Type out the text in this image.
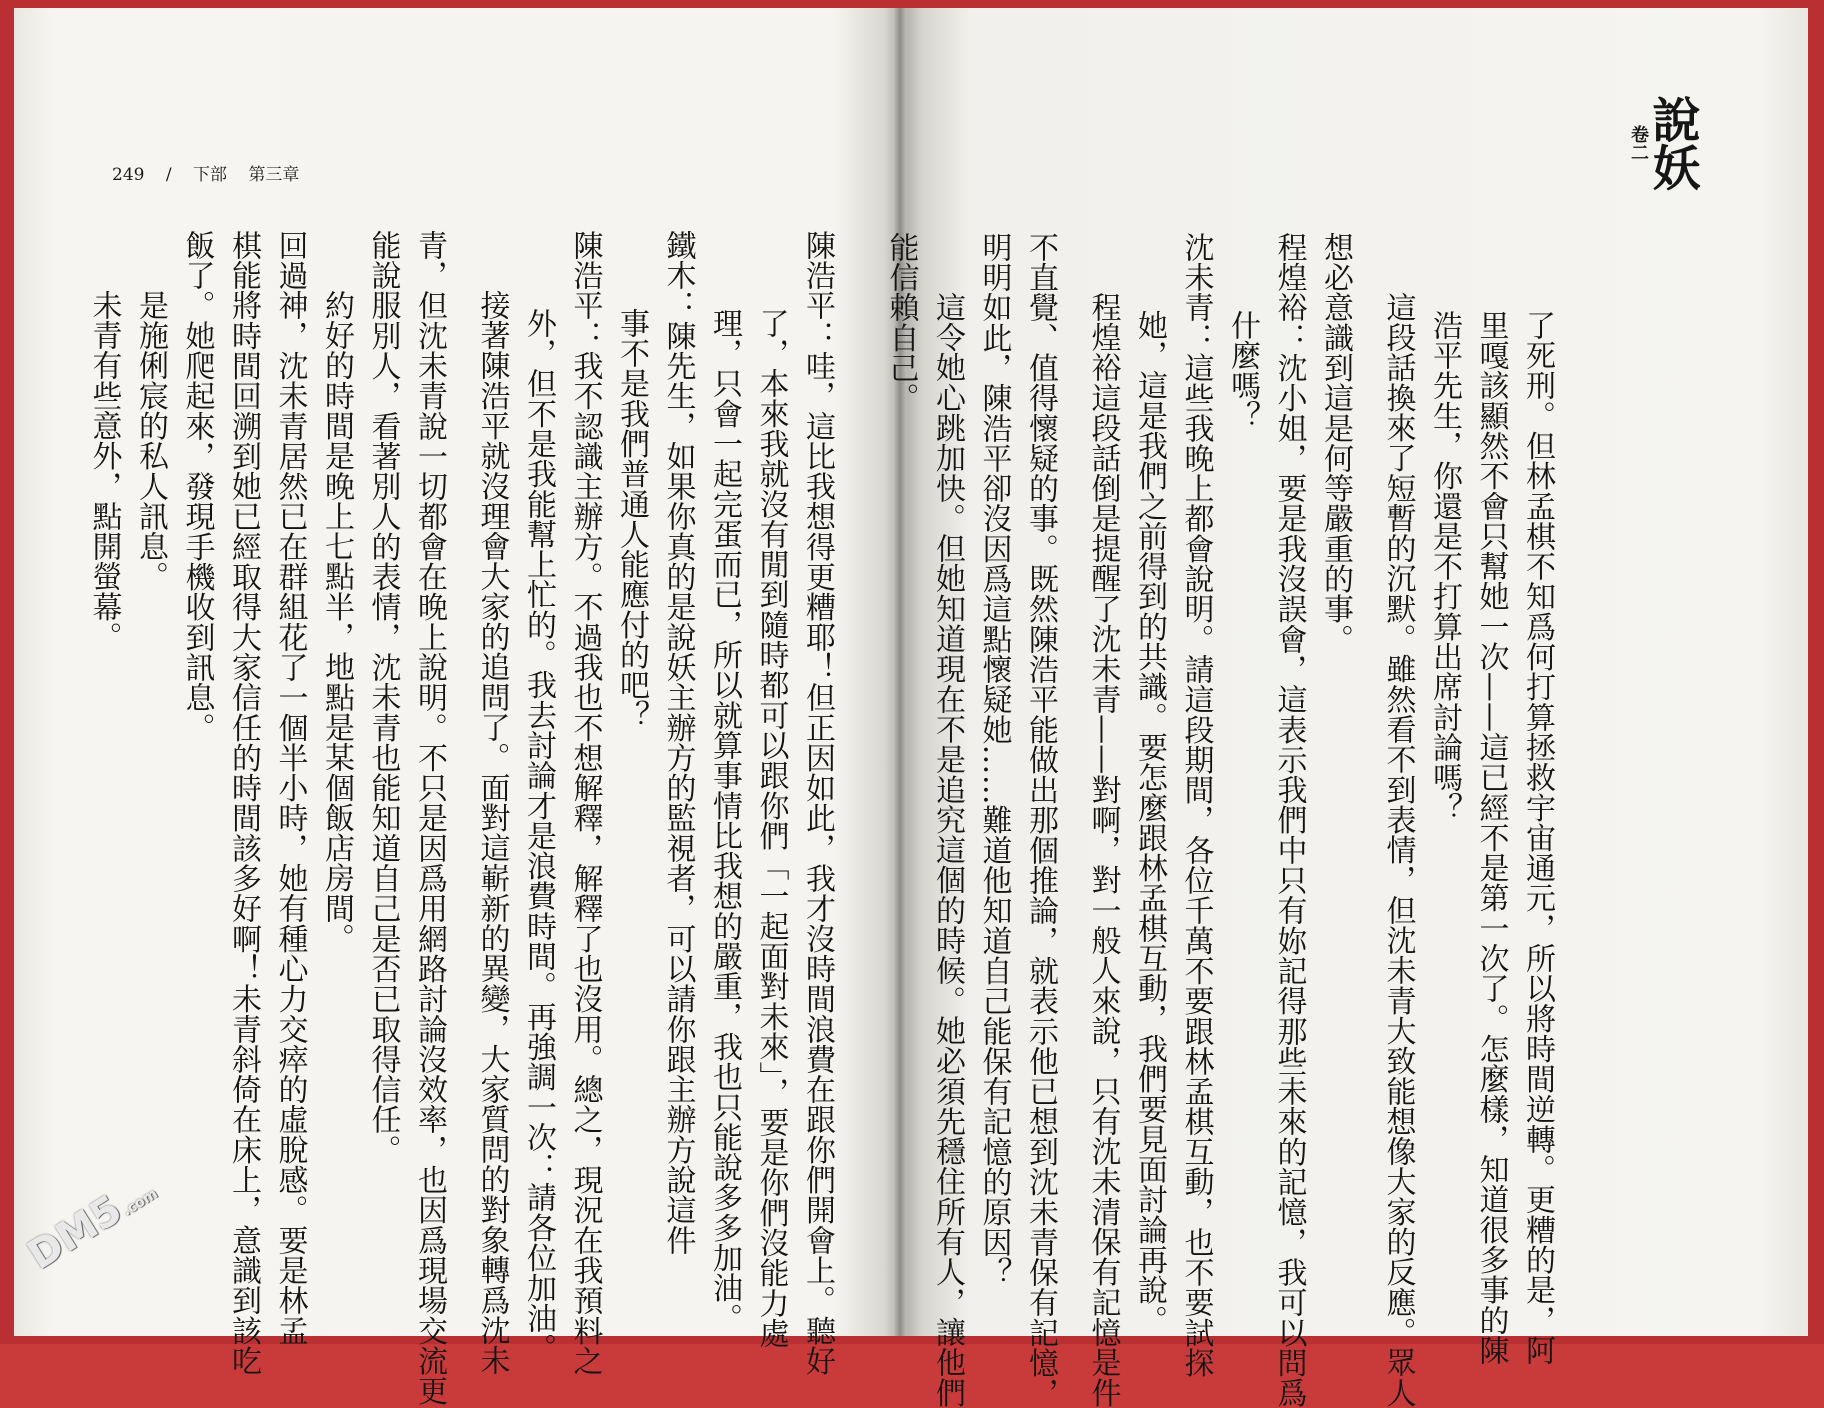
249 / 下部 第三章
陳浩平：哇，這比我想得更糟耶！但正因如此，我才沒時間浪費在跟你們開會上。聽好
了，本來我就沒有閒到隨時都可以跟你們「一起面對未來」，要是你們沒能力處
理，只會一起完蛋而已，所以就算事情比我想的嚴重，我也只能說多多加油。
鐵木：陳先生，如果你真的是說妖主辦方的監視者，可以請你跟主辦方說這件
事不是我們普通人能應付的吧？
陳浩平：我不認識主辦方。不過我也不想解釋，解釋了也沒用。總之，現況在我預料之
外，但不是我能幫上忙的。我去討論才是浪費時間。再強調一次：請各位加油。
接著陳浩平就沒理會大家的追問了。面對這嶄新的異變，大家質問的對象轉爲沈未
青，但沈未青說一切都會在晚上說明。不只是因爲用網路討論沒效率，也因爲現場交流更
能說服別人，看著別人的表情，沈未青也能知道自己是否已取得信任。
約好的時間是晚上七點半，地點是某個飯店房間。
回過神，沈未青居然已在群組花了一個半小時，她有種心力交瘁的虛脫感。要是林孟
棋能將時間回溯到她已經取得大家信任的時間該多好啊！未青斜倚在床上，意識到該吃
飯了。她爬起來，發現手機收到訊息。
是施俐宸的私人訊息。
未青有些意外，點開螢幕。
卷二
說妖
了死刑。但林孟棋不知爲何打算拯救宇宙通元，所以將時間逆轉。更糟的是，阿
里嘎該顯然不會只幫她一次——這已經不是第一次了。怎麼樣，知道很多事的陳
浩平先生，你還是不打算出席討論嗎？
這段話換來了短暫的沉默。雖然看不到表情，但沈未青大致能想像大家的反應。眾人
想必意識到這是何等嚴重的事。
程煌裕：沈小姐，要是我沒誤會，這表示我們中只有妳記得那些未來的記憶，我可以問爲
什麼嗎？
沈未青：這些我晚上都會說明。請這段期間，各位千萬不要跟林孟棋互動，也不要試探
她，這是我們之前得到的共識。要怎麼跟林孟棋互動，我們要見面討論再說。
程煌裕這段話倒是提醒了沈未青——對啊，對一般人來說，只有沈未清保有記憶是件
不直覺、值得懷疑的事。既然陳浩平能做出那個推論，就表示他已想到沈未青保有記憶，
明明如此，陳浩平卻沒因爲這點懷疑她……難道他知道自己能保有記憶的原因？
這令她心跳加快。但她知道現在不是追究這個的時候。她必須先穩住所有人，讓他們
能信賴自己。
DM5.com
